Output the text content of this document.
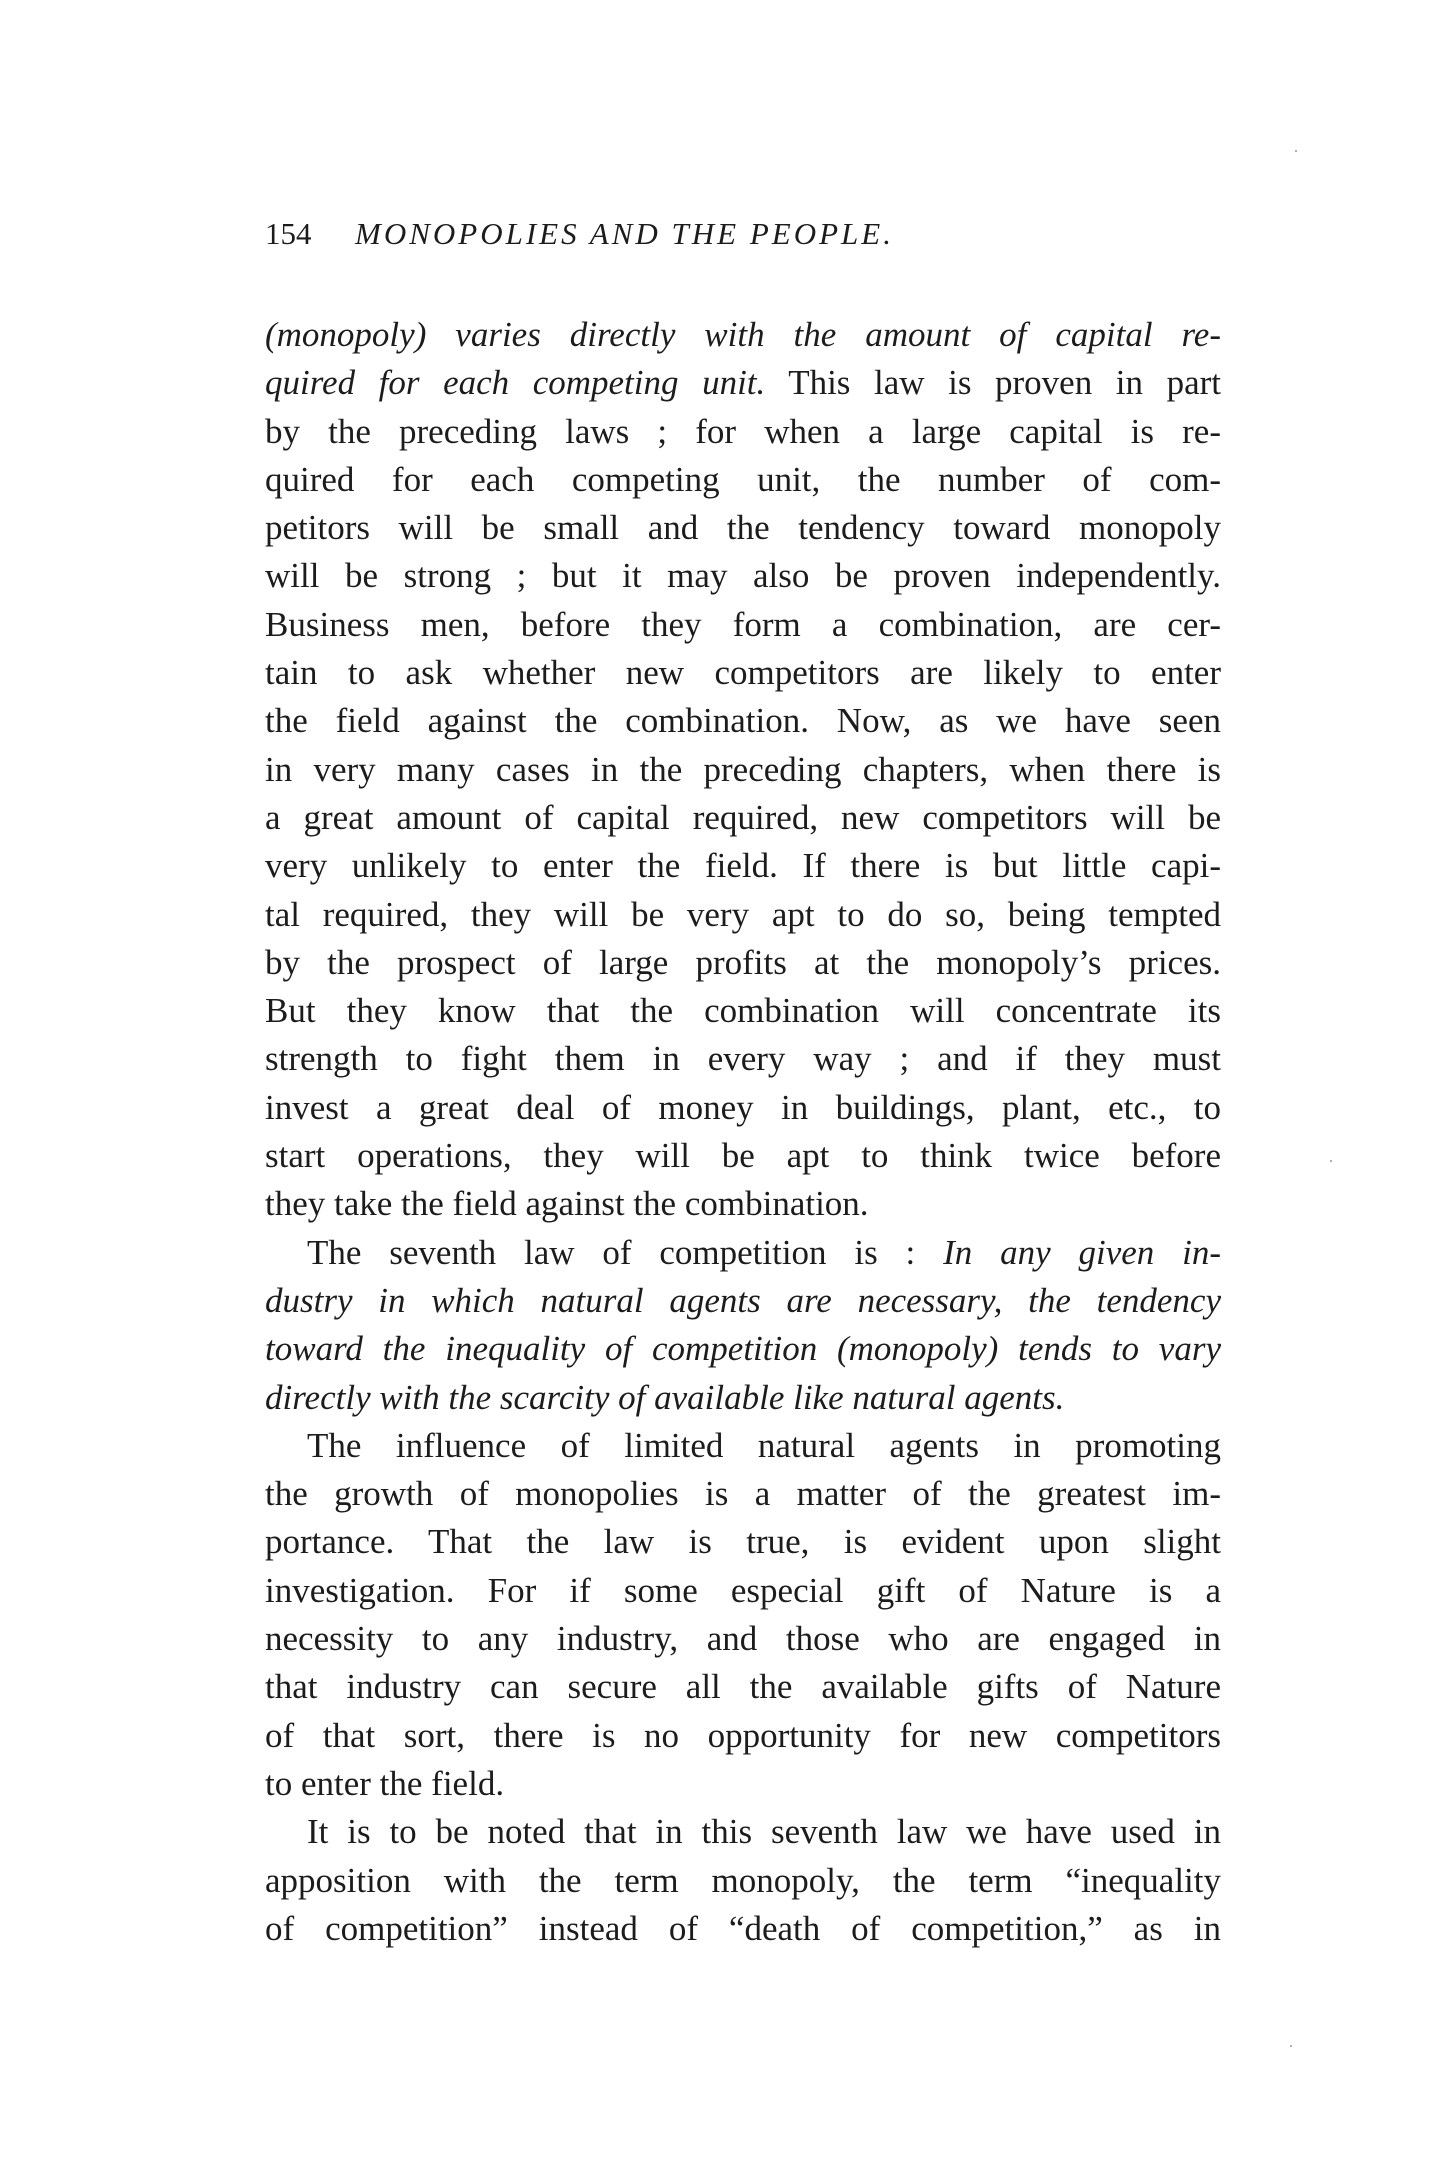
154 MONOPOLIES AND THE PEOPLE.
(monopoly) varies directly with the amount of capital re-
quired for each competing unit. This law is proven in part
by the preceding laws ; for when a large capital is re-
quired for each competing unit, the number of com-
petitors will be small and the tendency toward monopoly
will be strong ; but it may also be proven independently.
Business men, before they form a combination, are cer-
tain to ask whether new competitors are likely to enter
the field against the combination. Now, as we have seen
in very many cases in the preceding chapters, when there is
a great amount of capital required, new competitors will be
very unlikely to enter the field. If there is but little capi-
tal required, they will be very apt to do so, being tempted
by the prospect of large profits at the monopoly’s prices.
But they know that the combination will concentrate its
strength to fight them in every way ; and if they must
invest a great deal of money in buildings, plant, etc., to
start operations, they will be apt to think twice before
they take the field against the combination.
The seventh law of competition is : In any given in-
dustry in which natural agents are necessary, the tendency
toward the inequality of competition (monopoly) tends to vary
directly with the scarcity of available like natural agents.
The influence of limited natural agents in promoting
the growth of monopolies is a matter of the greatest im-
portance. That the law is true, is evident upon slight
investigation. For if some especial gift of Nature is a
necessity to any industry, and those who are engaged in
that industry can secure all the available gifts of Nature
of that sort, there is no opportunity for new competitors
to enter the field.
It is to be noted that in this seventh law we have used in
apposition with the term monopoly, the term “inequality
of competition” instead of “death of competition,” as in
